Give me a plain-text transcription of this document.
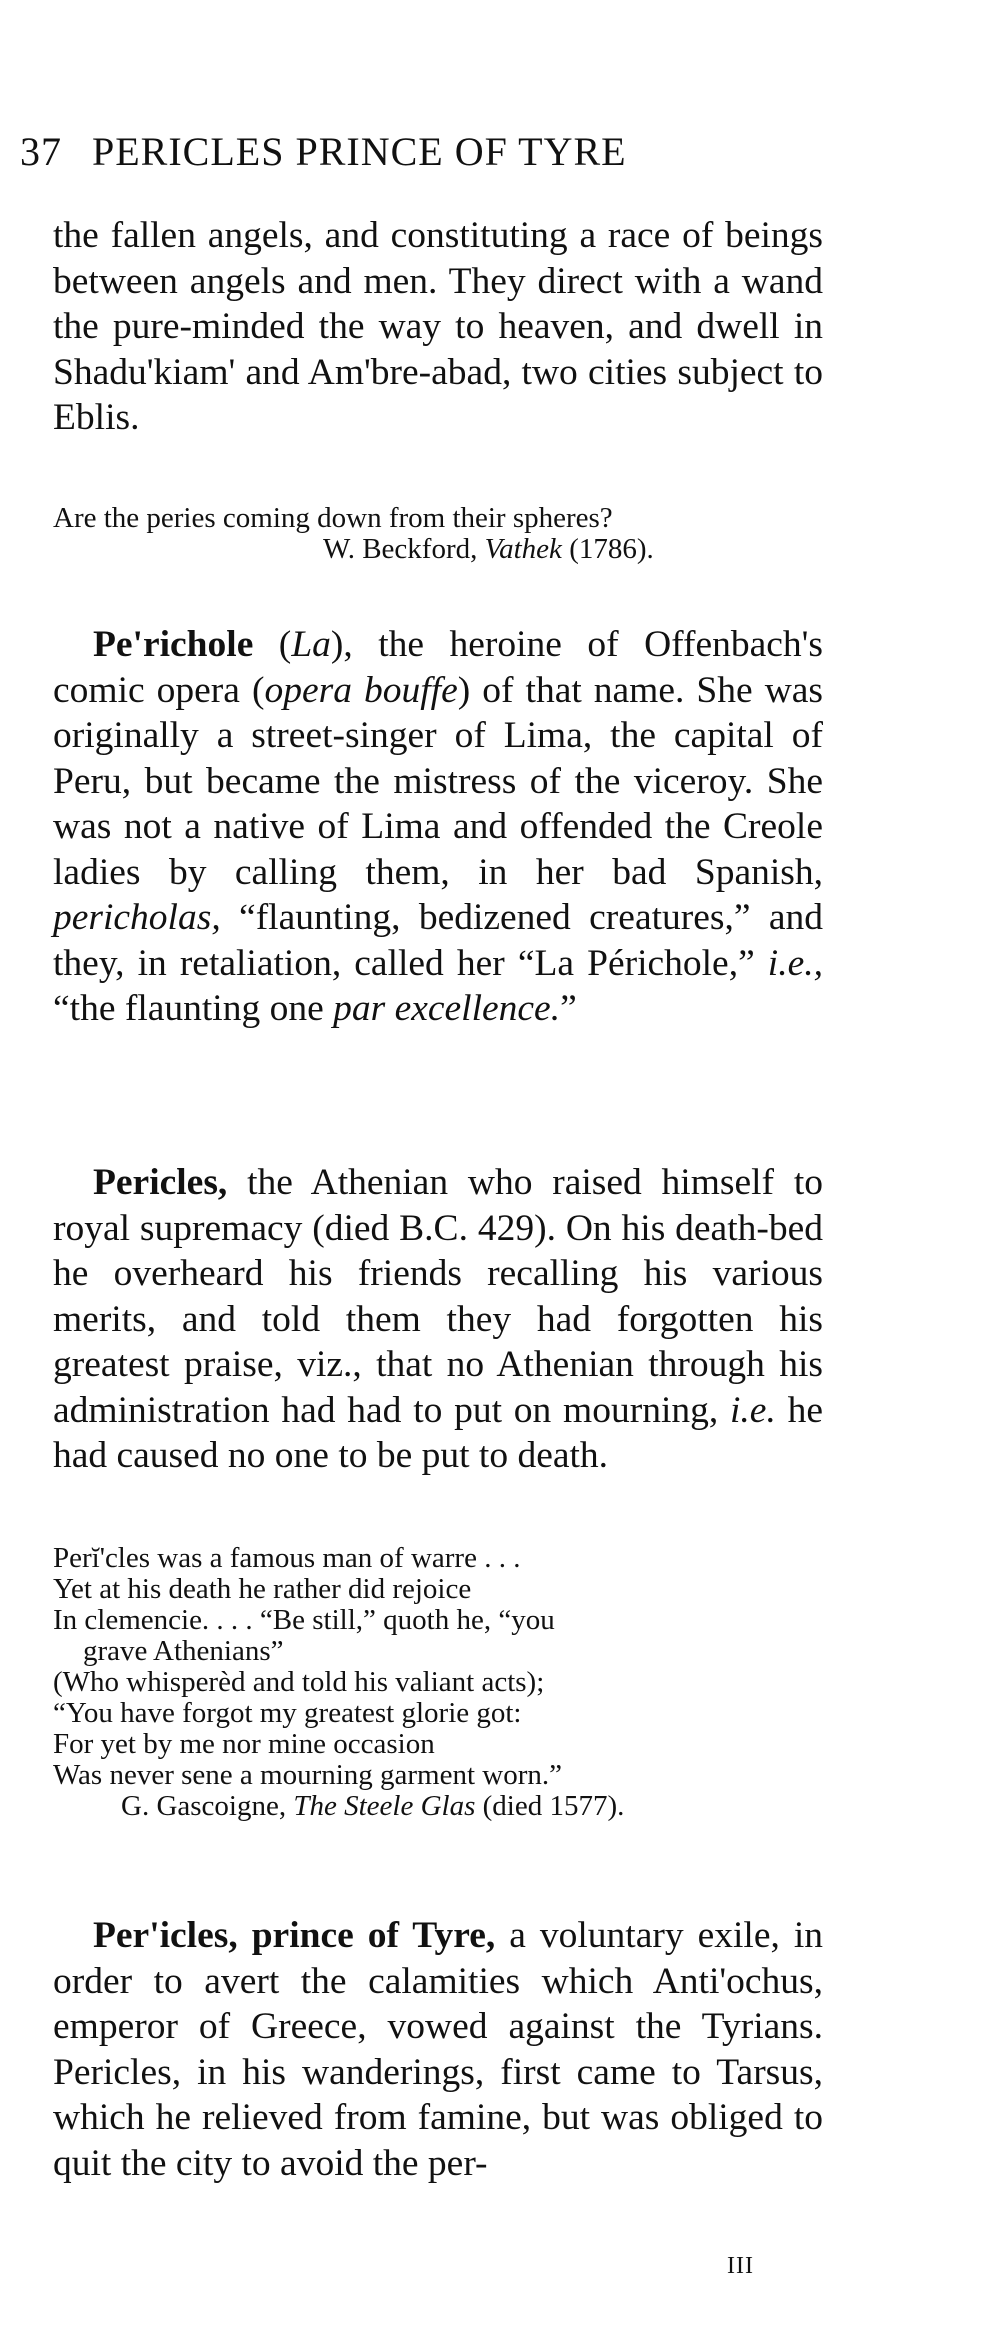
37 PERICLES PRINCE OF TYRE

the fallen angels, and constituting a race of beings between angels and men. They direct with a wand the pure-minded the way to heaven, and dwell in Shadu'kiam' and Am'bre-abad, two cities subject to Eblis.

Are the peries coming down from their spheres?
W. Beckford, Vathek (1786).

Pe'richole (La), the heroine of Offenbach's comic opera (opera bouffe) of that name. She was originally a street-singer of Lima, the capital of Peru, but became the mistress of the viceroy. She was not a native of Lima and offended the Creole ladies by calling them, in her bad Spanish, pericholas, “flaunting, bedizened creatures,” and they, in retaliation, called her “La Périchole,” i.e., “the flaunting one par excellence.”

Pericles, the Athenian who raised himself to royal supremacy (died B.C. 429). On his death-bed he overheard his friends recalling his various merits, and told them they had forgotten his greatest praise, viz., that no Athenian through his administration had had to put on mourning, i.e. he had caused no one to be put to death.

Perĭ'cles was a famous man of warre . . .
Yet at his death he rather did rejoice
In clemencie. . . . “Be still,” quoth he, “you
grave Athenians”
(Who whisperèd and told his valiant acts);
“You have forgot my greatest glorie got:
For yet by me nor mine occasion
Was never sene a mourning garment worn.”
G. Gascoigne, The Steele Glas (died 1577).

Per'icles, prince of Tyre, a voluntary exile, in order to avert the calamities which Anti'ochus, emperor of Greece, vowed against the Tyrians. Pericles, in his wanderings, first came to Tarsus, which he relieved from famine, but was obliged to quit the city to avoid the per-

III
